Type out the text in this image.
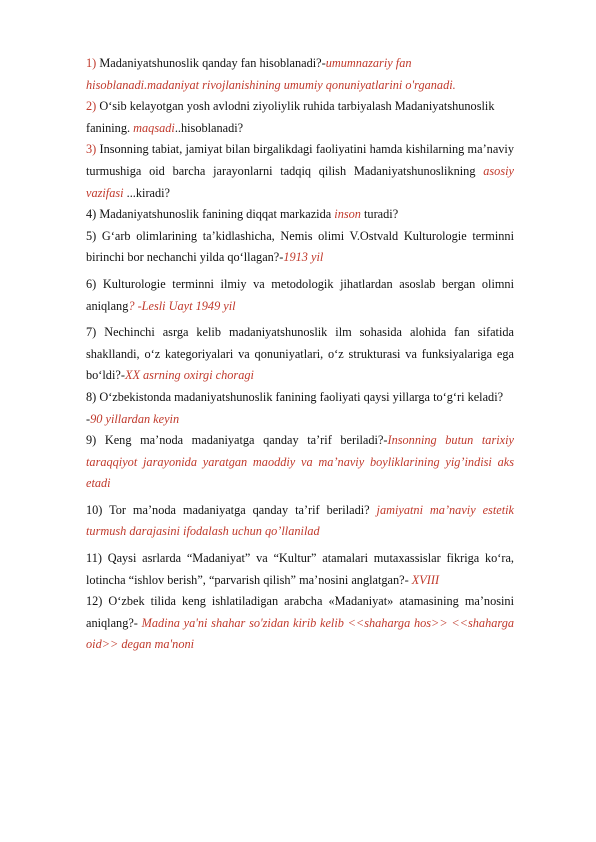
1) Madaniyatshunoslik qanday fan hisoblanadi?-umumnazariy fan hisoblanadi.madaniyat rivojlanishining umumiy qonuniyatlarini o'rganadi.

2) O‘sib kelayotgan yosh avlodni ziyoliylik ruhida tarbiyalash Madaniyatshunoslik fanining. maqsadi..hisoblanadi?

3) Insonning tabiat, jamiyat bilan birgalikdagi faoliyatini hamda kishilarning ma’naviy turmushiga oid barcha jarayonlarni tadqiq qilish Madaniyatshunoslikning asosiy vazifasi ...kiradi?

4) Madaniyatshunoslik fanining diqqat markazida inson turadi?

5) G‘arb olimlarining ta’kidlashicha, Nemis olimi V.Ostvald Kulturologie terminni birinchi bor nechanchi yilda qo‘llagan?-1913 yil

6) Kulturologie terminni ilmiy va metodologik jihatlardan asoslab bergan olimni aniqlang? -Lesli Uayt 1949 yil

7) Nechinchi asrga kelib madaniyatshunoslik ilm sohasida alohida fan sifatida shakllandi, o‘z kategoriyalari va qonuniyatlari, o‘z strukturasi va funksiyalariga ega bo‘ldi?-XX asrning oxirgi choragi

8) O‘zbekistonda madaniyatshunoslik fanining faoliyati qaysi yillarga to‘g‘ri keladi?-90 yillardan keyin

9) Keng ma’noda madaniyatga qanday ta’rif beriladi?-Insonning butun tarixiy taraqqiyot jarayonida yaratgan maoddiy va ma’naviy boyliklarining yig’indisi aks etadi

10) Tor ma’noda madaniyatga qanday ta’rif beriladi? jamiyatni ma’naviy estetik turmush darajasini ifodalash uchun qo’llanilad

11) Qaysi asrlarda “Madaniyat” va “Kultur” atamalari mutaxassislar fikriga ko‘ra, lotincha “ishlov berish”, “parvarish qilish” ma’nosini anglatgan?- XVIII

12) O‘zbek tilida keng ishlatiladigan arabcha «Madaniyat» atamasining ma’nosini aniqlang?- Madina ya'ni shahar so'zidan kirib kelib <<shaharga hos>> <<shaharga oid>> degan ma'noni
